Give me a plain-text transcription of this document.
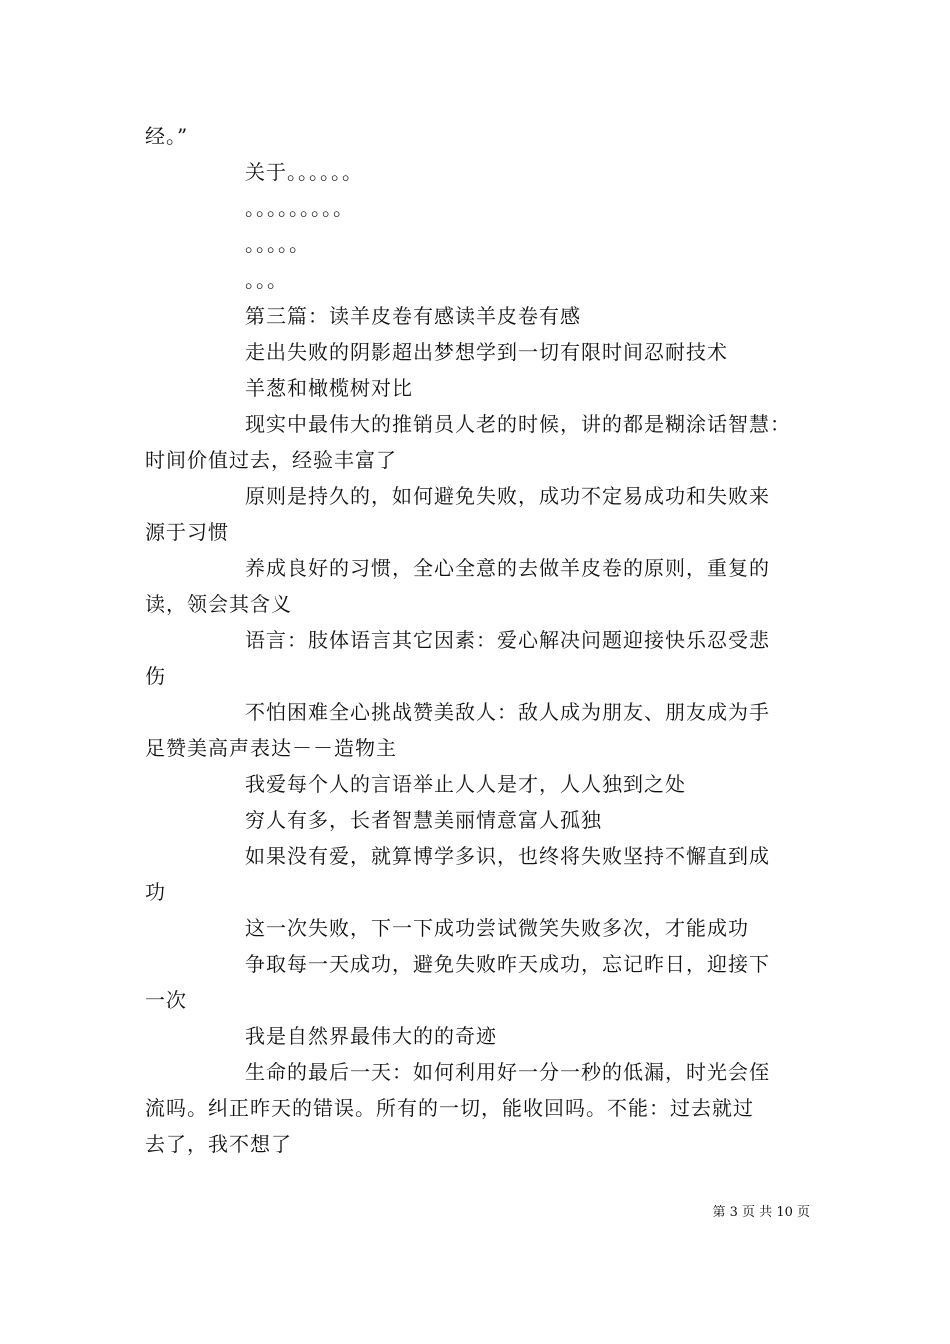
经。”
关于。。。。。。
。。。。。。。。。
。。。。。
。。。
第三篇：读羊皮卷有感读羊皮卷有感
走出失败的阴影超出梦想学到一切有限时间忍耐技术
羊葱和橄榄树对比
现实中最伟大的推销员人老的时候，讲的都是糊涂话智慧：
时间价值过去，经验丰富了
原则是持久的，如何避免失败，成功不定易成功和失败来
源于习惯
养成良好的习惯，全心全意的去做羊皮卷的原则，重复的
读，领会其含义
语言：肢体语言其它因素：爱心解决问题迎接快乐忍受悲
伤
不怕困难全心挑战赞美敌人：敌人成为朋友、朋友成为手
足赞美高声表达－－造物主
我爱每个人的言语举止人人是才，人人独到之处
穷人有多，长者智慧美丽情意富人孤独
如果没有爱，就算博学多识，也终将失败坚持不懈直到成
功
这一次失败，下一下成功尝试微笑失败多次，才能成功
争取每一天成功，避免失败昨天成功，忘记昨日，迎接下
一次
我是自然界最伟大的的奇迹
生命的最后一天：如何利用好一分一秒的低漏，时光会侄
流吗。纠正昨天的错误。所有的一切，能收回吗。不能：过去就过
去了，我不想了
第 3 页 共 10 页
